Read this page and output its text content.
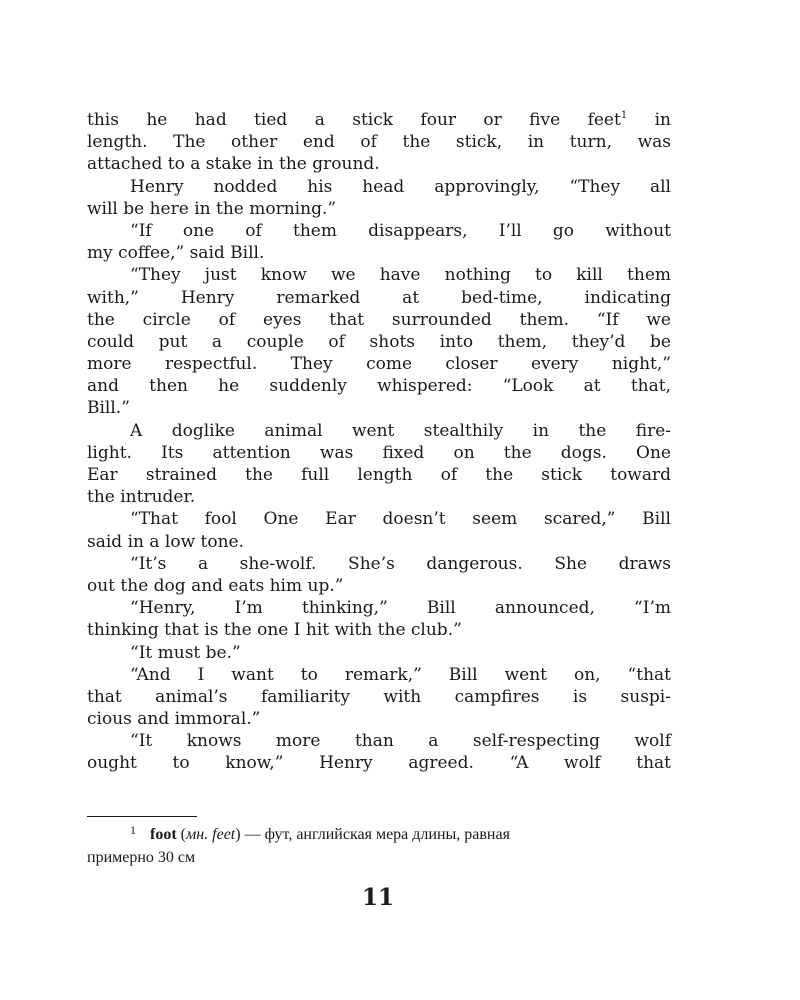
this he had tied a stick four or five feet$^1$ in
length. The other end of the stick, in turn, was
attached to a stake in the ground.
Henry nodded his head approvingly, “They all
will be here in the morning.”
“If one of them disappears, I’ll go without
my coffee,” said Bill.
“They just know we have nothing to kill them
with,” Henry remarked at bed-time, indicating
the circle of eyes that surrounded them. “If we
could put a couple of shots into them, they’d be
more respectful. They come closer every night,”
and then he suddenly whispered: “Look at that,
Bill.”
A doglike animal went stealthily in the fire-
light. Its attention was fixed on the dogs. One
Ear strained the full length of the stick toward
the intruder.
“That fool One Ear doesn’t seem scared,” Bill
said in a low tone.
“It’s a she-wolf. She’s dangerous. She draws
out the dog and eats him up.”
“Henry, I’m thinking,” Bill announced, “I’m
thinking that is the one I hit with the club.”
“It must be.”
“And I want to remark,” Bill went on, “that
that animal’s familiarity with campfires is suspi-
cious and immoral.”
“It knows more than a self-respecting wolf
ought to know,” Henry agreed. “A wolf that
1 foot (мн. feet) — фут, английская мера длины, равная
примерно 30 см
11
